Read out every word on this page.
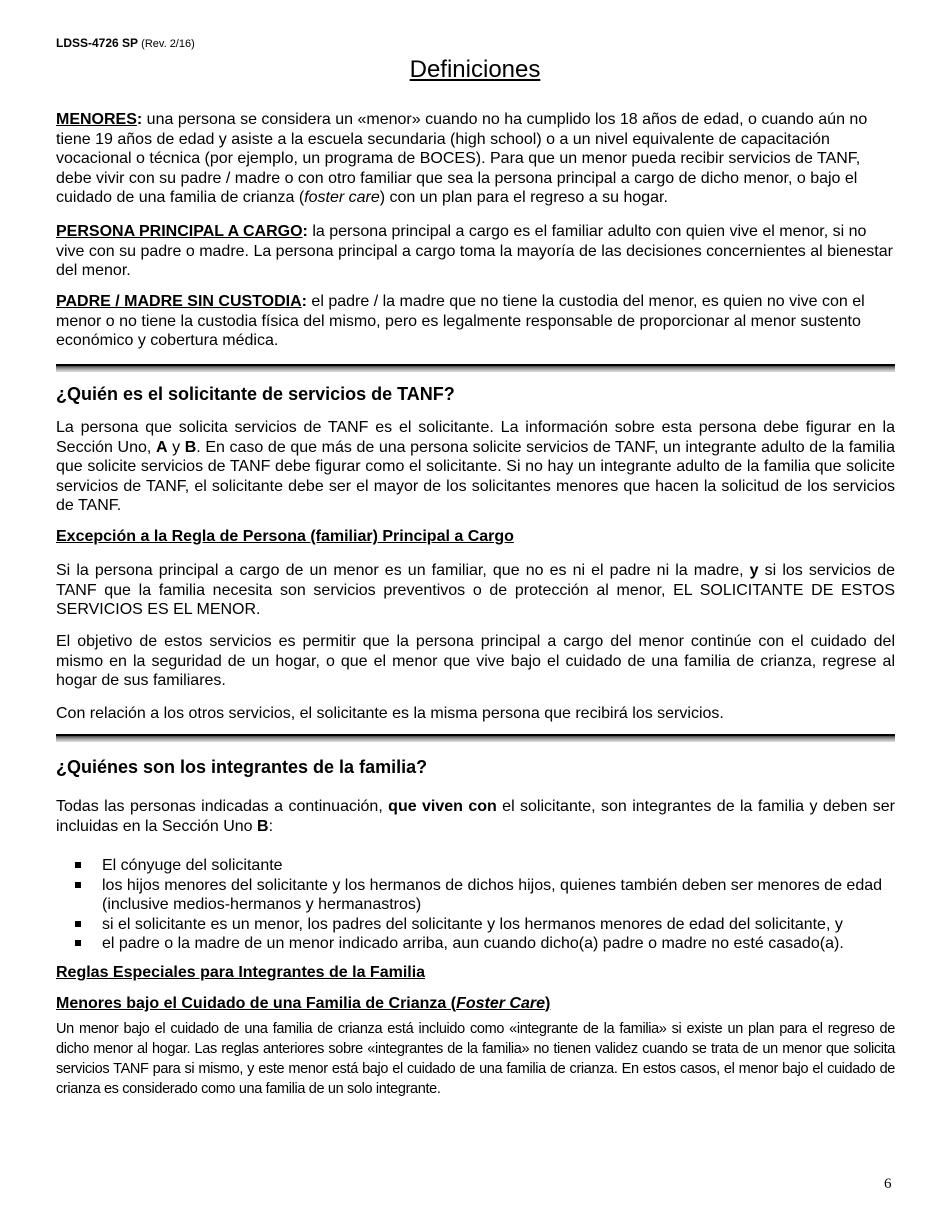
LDSS-4726 SP (Rev. 2/16)
Definiciones
MENORES: una persona se considera un «menor» cuando no ha cumplido los 18 años de edad, o cuando aún no tiene 19 años de edad y asiste a la escuela secundaria (high school) o a un nivel equivalente de capacitación vocacional o técnica (por ejemplo, un programa de BOCES). Para que un menor pueda recibir servicios de TANF, debe vivir con su padre / madre o con otro familiar que sea la persona principal a cargo de dicho menor, o bajo el cuidado de una familia de crianza (foster care) con un plan para el regreso a su hogar.
PERSONA PRINCIPAL A CARGO: la persona principal a cargo es el familiar adulto con quien vive el menor, si no vive con su padre o madre. La persona principal a cargo toma la mayoría de las decisiones concernientes al bienestar del menor.
PADRE / MADRE SIN CUSTODIA: el padre / la madre que no tiene la custodia del menor, es quien no vive con el menor o no tiene la custodia física del mismo, pero es legalmente responsable de proporcionar al menor sustento económico y cobertura médica.
¿Quién es el solicitante de servicios de TANF?
La persona que solicita servicios de TANF es el solicitante. La información sobre esta persona debe figurar en la Sección Uno, A y B. En caso de que más de una persona solicite servicios de TANF, un integrante adulto de la familia que solicite servicios de TANF debe figurar como el solicitante. Si no hay un integrante adulto de la familia que solicite servicios de TANF, el solicitante debe ser el mayor de los solicitantes menores que hacen la solicitud de los servicios de TANF.
Excepción a la Regla de Persona (familiar) Principal a Cargo
Si la persona principal a cargo de un menor es un familiar, que no es ni el padre ni la madre, y si los servicios de TANF que la familia necesita son servicios preventivos o de protección al menor, EL SOLICITANTE DE ESTOS SERVICIOS ES EL MENOR.
El objetivo de estos servicios es permitir que la persona principal a cargo del menor continúe con el cuidado del mismo en la seguridad de un hogar, o que el menor que vive bajo el cuidado de una familia de crianza, regrese al hogar de sus familiares.
Con relación a los otros servicios, el solicitante es la misma persona que recibirá los servicios.
¿Quiénes son los integrantes de la familia?
Todas las personas indicadas a continuación, que viven con el solicitante, son integrantes de la familia y deben ser incluidas en la Sección Uno B:
El cónyuge del solicitante
los hijos menores del solicitante y los hermanos de dichos hijos, quienes también deben ser menores de edad (inclusive medios-hermanos y hermanastros)
si el solicitante es un menor, los padres del solicitante y los hermanos menores de edad del solicitante, y
el padre o la madre de un menor indicado arriba, aun cuando dicho(a) padre o madre no esté casado(a).
Reglas Especiales para Integrantes de la Familia
Menores bajo el Cuidado de una Familia de Crianza (Foster Care)
Un menor bajo el cuidado de una familia de crianza está incluido como «integrante de la familia» si existe un plan para el regreso de dicho menor al hogar. Las reglas anteriores sobre «integrantes de la familia» no tienen validez cuando se trata de un menor que solicita servicios TANF para si mismo, y este menor está bajo el cuidado de una familia de crianza. En estos casos, el menor bajo el cuidado de crianza es considerado como una familia de un solo integrante.
6
